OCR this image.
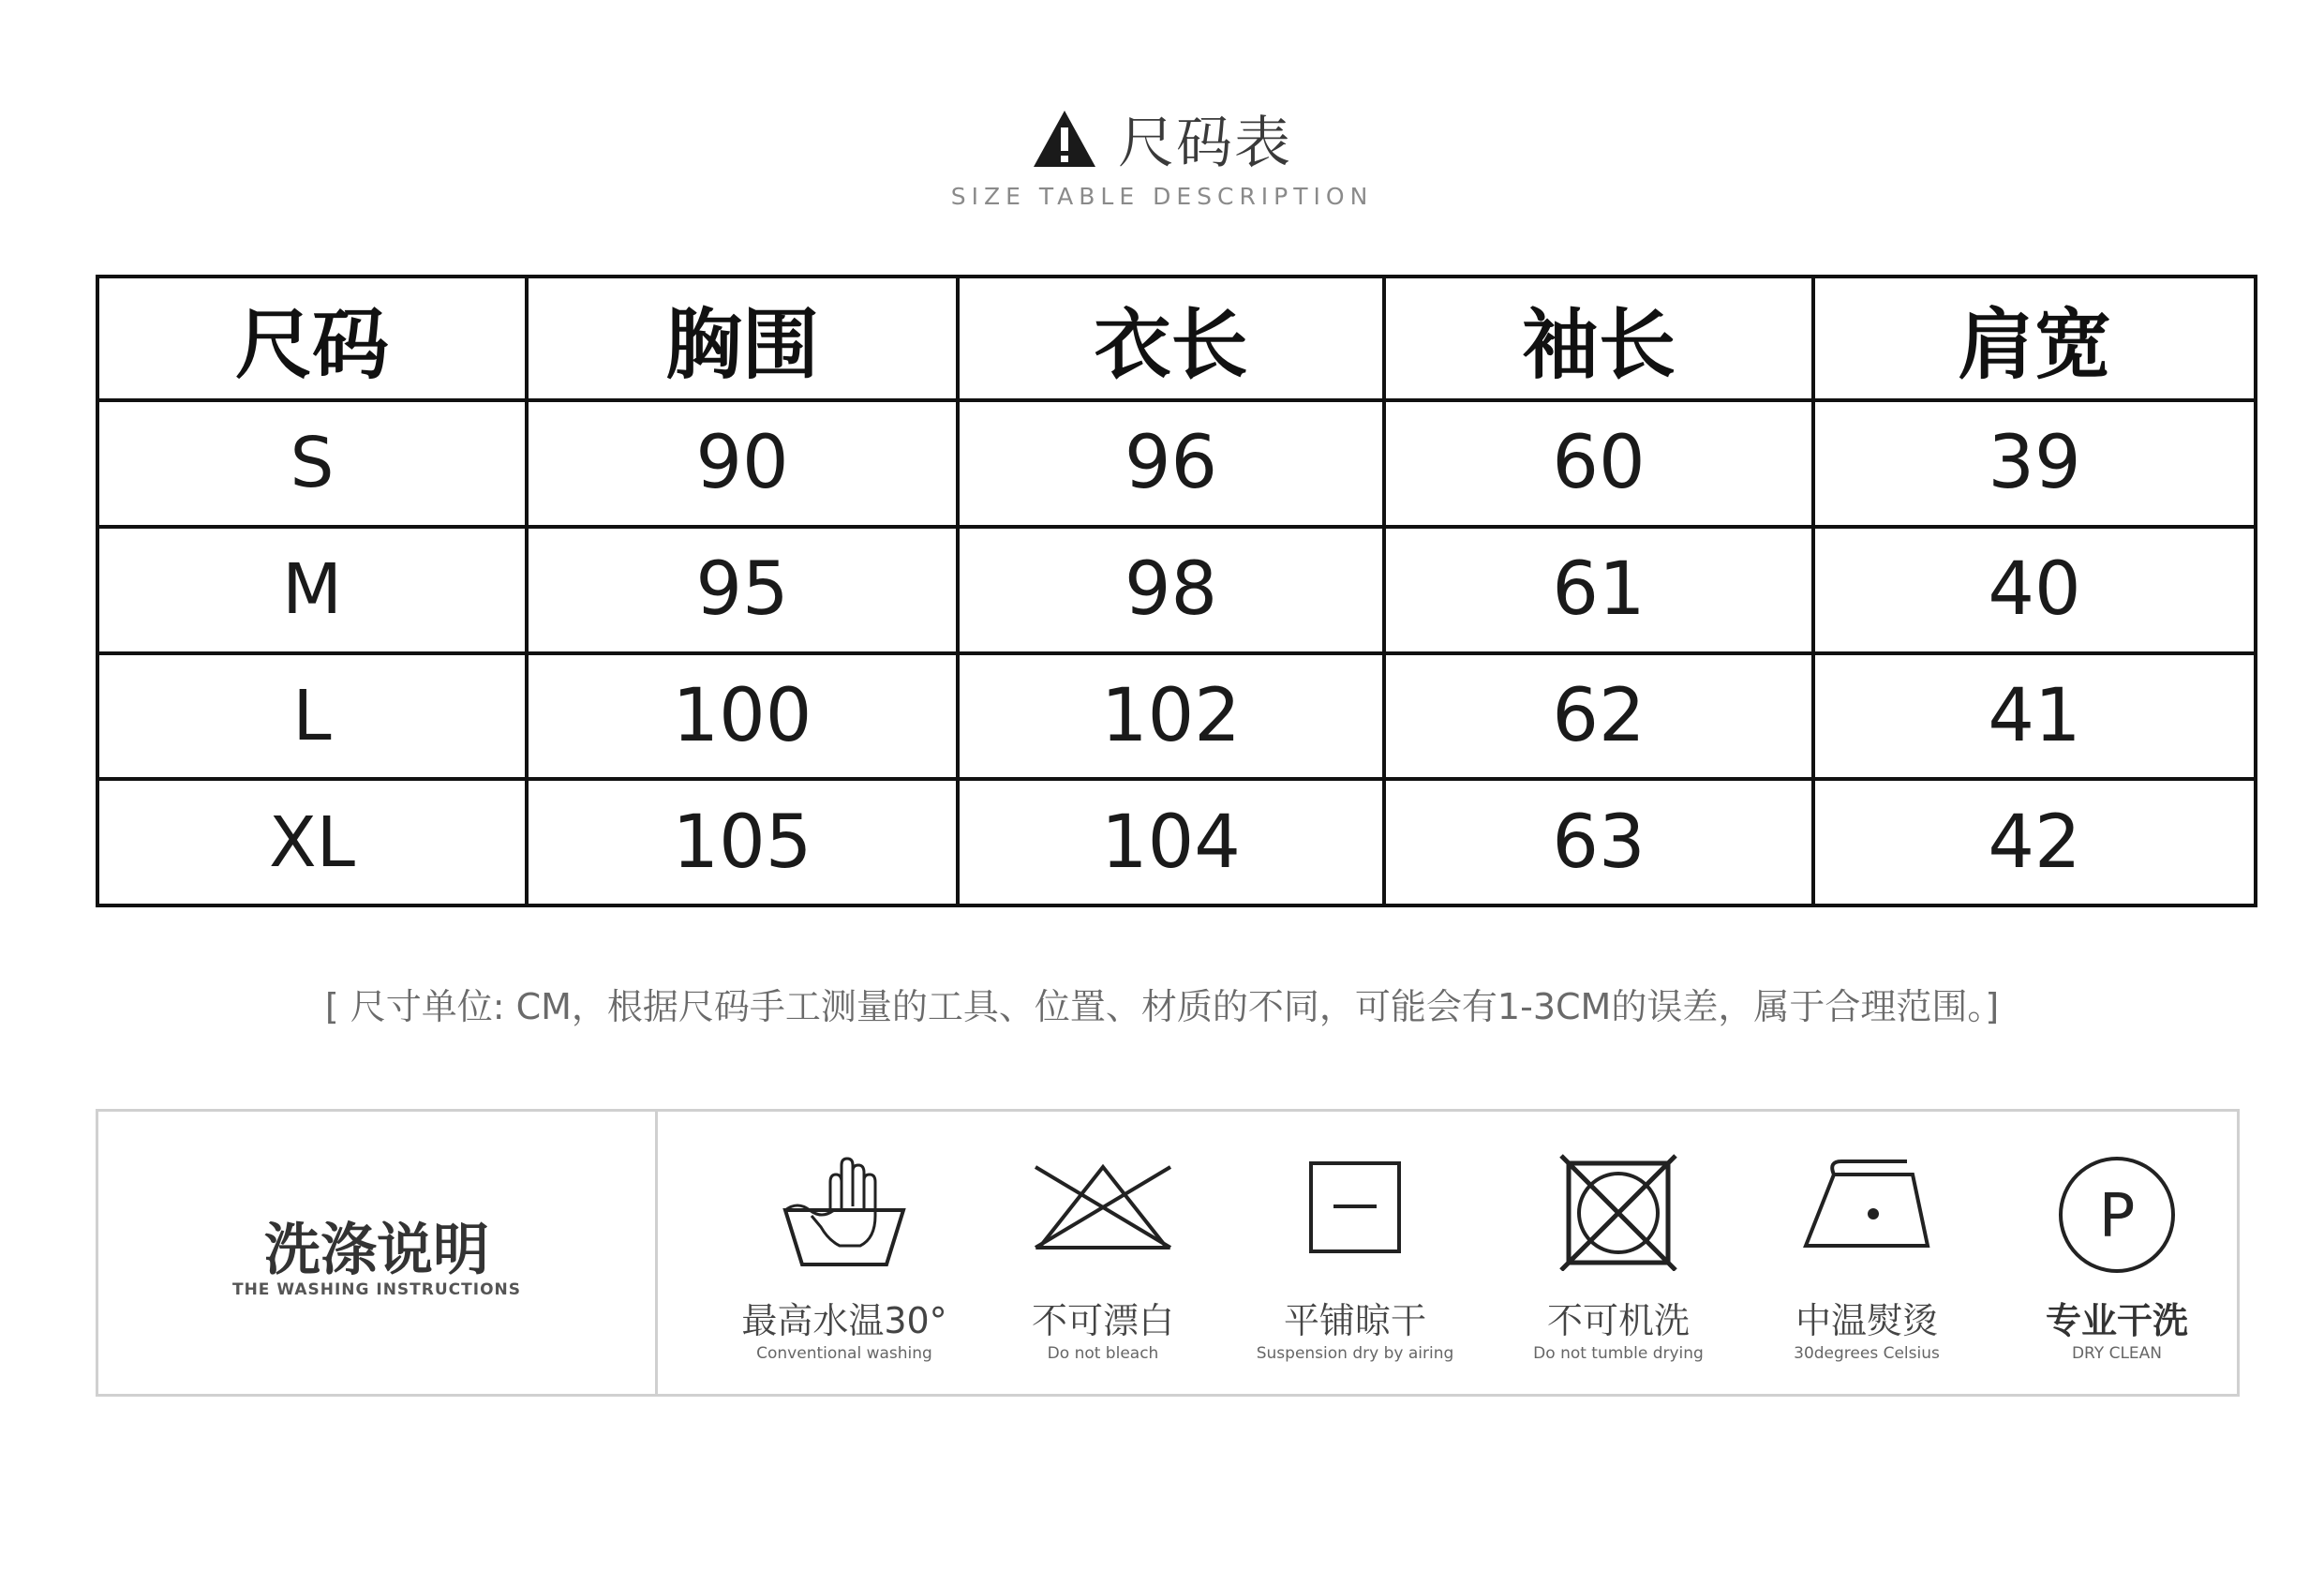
尺码表
SIZE TABLE DESCRIPTION
尺码	胸围	衣长	袖长	肩宽
S	90	96	60	39
M	95	98	61	40
L	100	102	62	41
XL	105	104	63	42
[ 尺寸单位: CM，根据尺码手工测量的工具、位置、材质的不同，可能会有1-3CM的误差，属于合理范围。]
洗涤说明
THE WASHING INSTRUCTIONS
最高水温30°
Conventional washing
不可漂白
Do not bleach
平铺晾干
Suspension dry by airing
不可机洗
Do not tumble drying
中温熨烫
30degrees Celsius
P
专业干洗
DRY CLEAN
